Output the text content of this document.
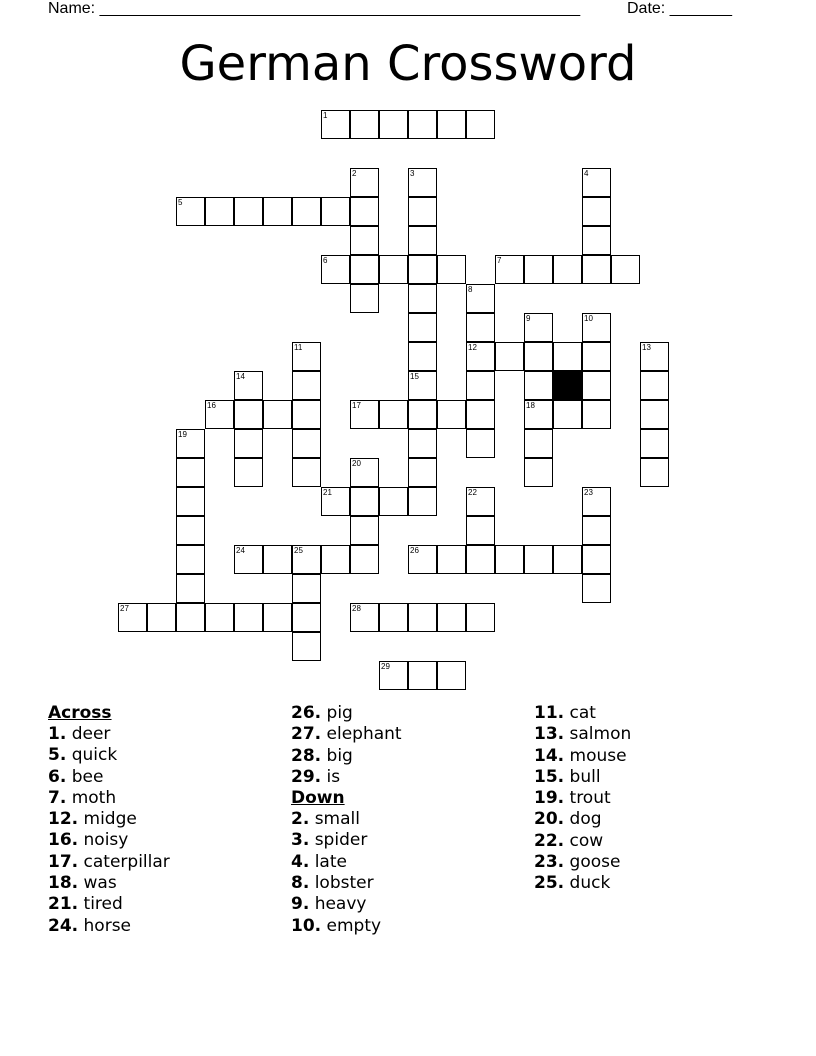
Name: ______________________________________________________	Date: _______
German Crossword
1
5
6	7
12
16	17	18
21
24	25	26
27	28
29
2	3	4
8
9	10
11	13
14	15
19
20
22	23
Across
1. deer
5. quick
6. bee
7. moth
12. midge
16. noisy
17. caterpillar
18. was
21. tired
24. horse
26. pig
27. elephant
28. big
29. is
Down
2. small
3. spider
4. late
8. lobster
9. heavy
10. empty
11. cat
13. salmon
14. mouse
15. bull
19. trout
20. dog
22. cow
23. goose
25. duck
